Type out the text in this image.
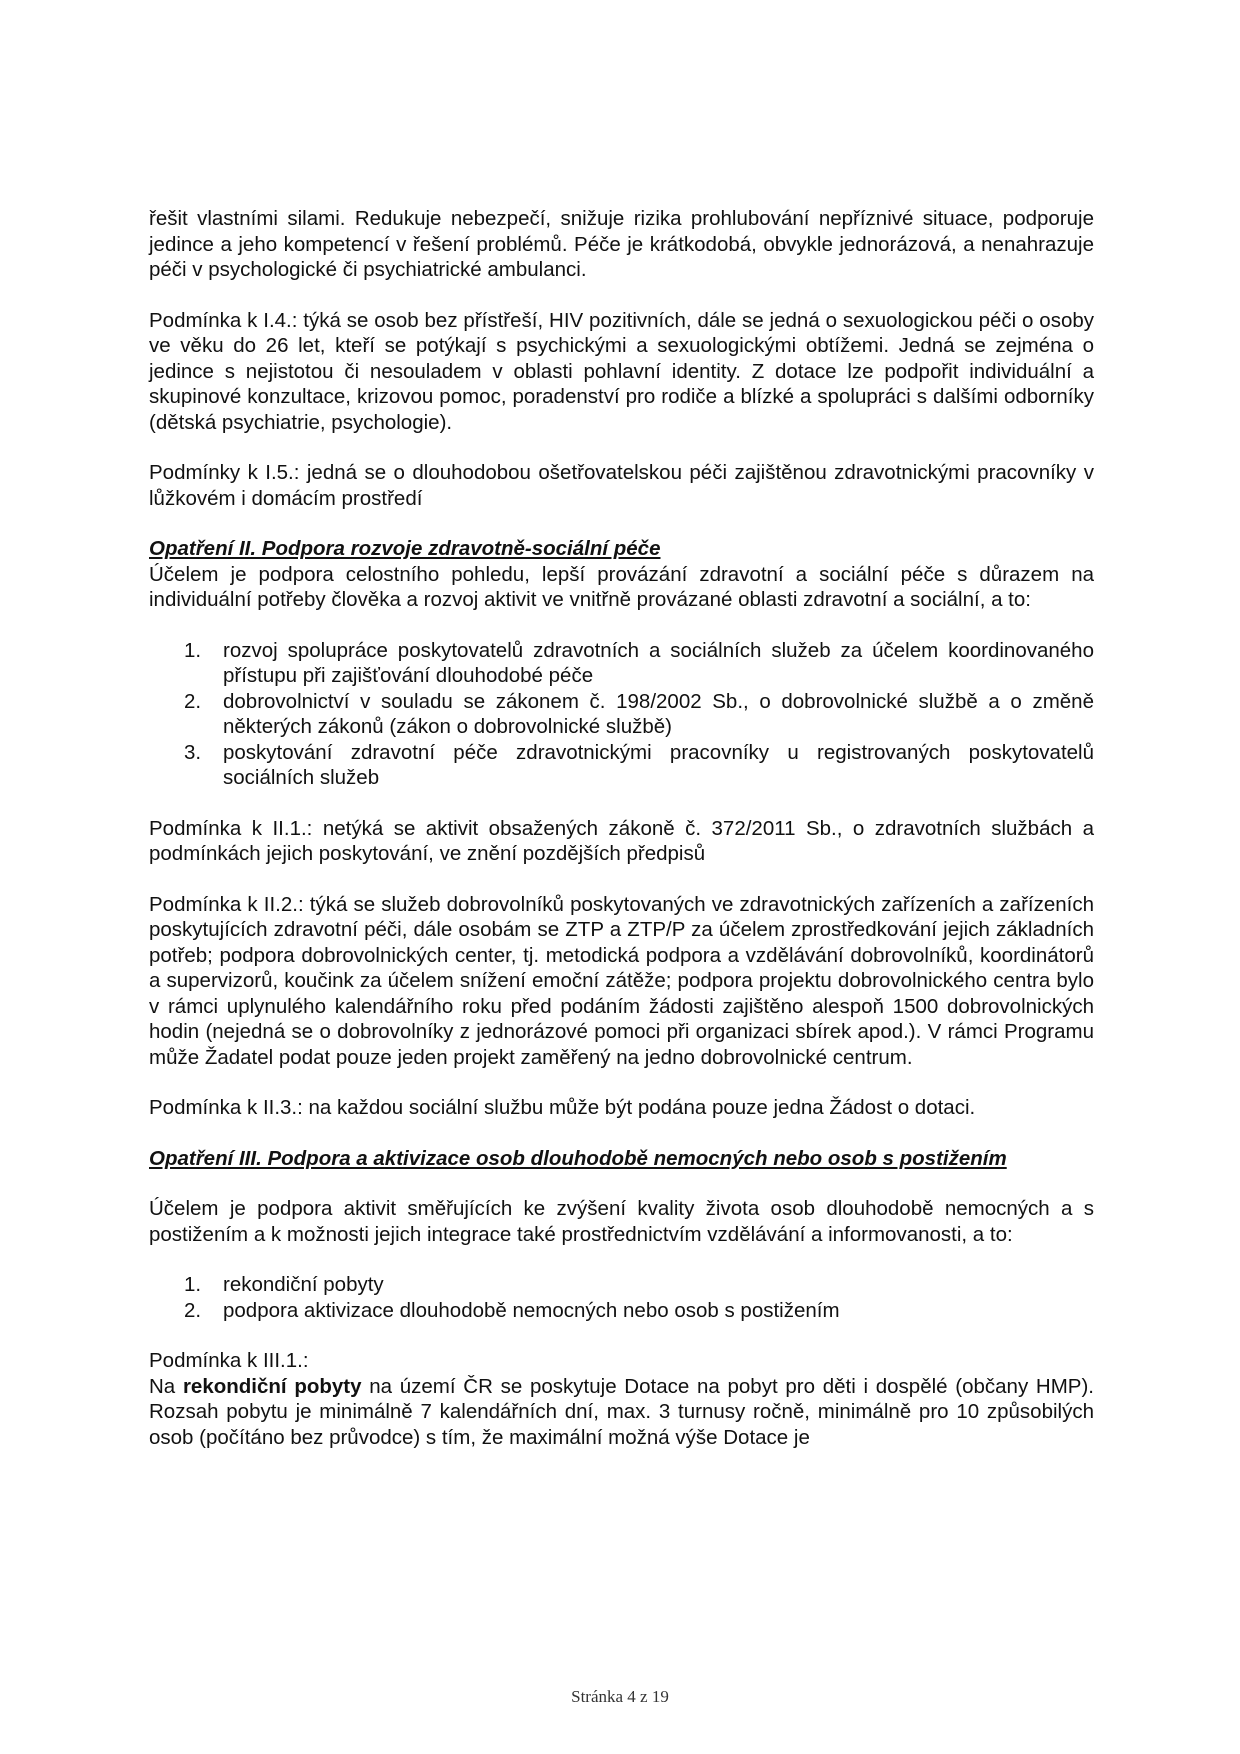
řešit vlastními silami. Redukuje nebezpečí, snižuje rizika prohlubování nepříznivé situace, podporuje jedince a jeho kompetencí v řešení problémů. Péče je krátkodobá, obvykle jednorázová, a nenahrazuje péči v psychologické či psychiatrické ambulanci.

Podmínka k I.4.: týká se osob bez přístřeší, HIV pozitivních, dále se jedná o sexuologickou péči o osoby ve věku do 26 let, kteří se potýkají s psychickými a sexuologickými obtížemi. Jedná se zejména o jedince s nejistotou či nesouladem v oblasti pohlavní identity. Z dotace lze podpořit individuální a skupinové konzultace, krizovou pomoc, poradenství pro rodiče a blízké a spolupráci s dalšími odborníky (dětská psychiatrie, psychologie).

Podmínky k I.5.: jedná se o dlouhodobou ošetřovatelskou péči zajištěnou zdravotnickými pracovníky v lůžkovém i domácím prostředí

Opatření II. Podpora rozvoje zdravotně-sociální péče

Účelem je podpora celostního pohledu, lepší provázání zdravotní a sociální péče s důrazem na individuální potřeby člověka a rozvoj aktivit ve vnitřně provázané oblasti zdravotní a sociální, a to:

1. rozvoj spolupráce poskytovatelů zdravotních a sociálních služeb za účelem koordinovaného přístupu při zajišťování dlouhodobé péče
2. dobrovolnictví v souladu se zákonem č. 198/2002 Sb., o dobrovolnické službě a o změně některých zákonů (zákon o dobrovolnické službě)
3. poskytování zdravotní péče zdravotnickými pracovníky u registrovaných poskytovatelů sociálních služeb

Podmínka k II.1.: netýká se aktivit obsažených zákoně č. 372/2011 Sb., o zdravotních službách a podmínkách jejich poskytování, ve znění pozdějších předpisů

Podmínka k II.2.: týká se služeb dobrovolníků poskytovaných ve zdravotnických zařízeních a zařízeních poskytujících zdravotní péči, dále osobám se ZTP a ZTP/P za účelem zprostředkování jejich základních potřeb; podpora dobrovolnických center, tj. metodická podpora a vzdělávání dobrovolníků, koordinátorů a supervizorů, koučink za účelem snížení emoční zátěže; podpora projektu dobrovolnického centra bylo v rámci uplynulého kalendářního roku před podáním žádosti zajištěno alespoň 1500 dobrovolnických hodin (nejedná se o dobrovolníky z jednorázové pomoci při organizaci sbírek apod.). V rámci Programu může Žadatel podat pouze jeden projekt zaměřený na jedno dobrovolnické centrum.

Podmínka k II.3.: na každou sociální službu může být podána pouze jedna Žádost o dotaci.

Opatření III. Podpora a aktivizace osob dlouhodobě nemocných nebo osob s postižením

Účelem je podpora aktivit směřujících ke zvýšení kvality života osob dlouhodobě nemocných a s postižením a k možnosti jejich integrace také prostřednictvím vzdělávání a informovanosti, a to:

1. rekondiční pobyty
2. podpora aktivizace dlouhodobě nemocných nebo osob s postižením

Podmínka k III.1.:

Na rekondiční pobyty na území ČR se poskytuje Dotace na pobyt pro děti i dospělé (občany HMP). Rozsah pobytu je minimálně 7 kalendářních dní, max. 3 turnusy ročně, minimálně pro 10 způsobilých osob (počítáno bez průvodce) s tím, že maximální možná výše Dotace je

Stránka 4 z 19
